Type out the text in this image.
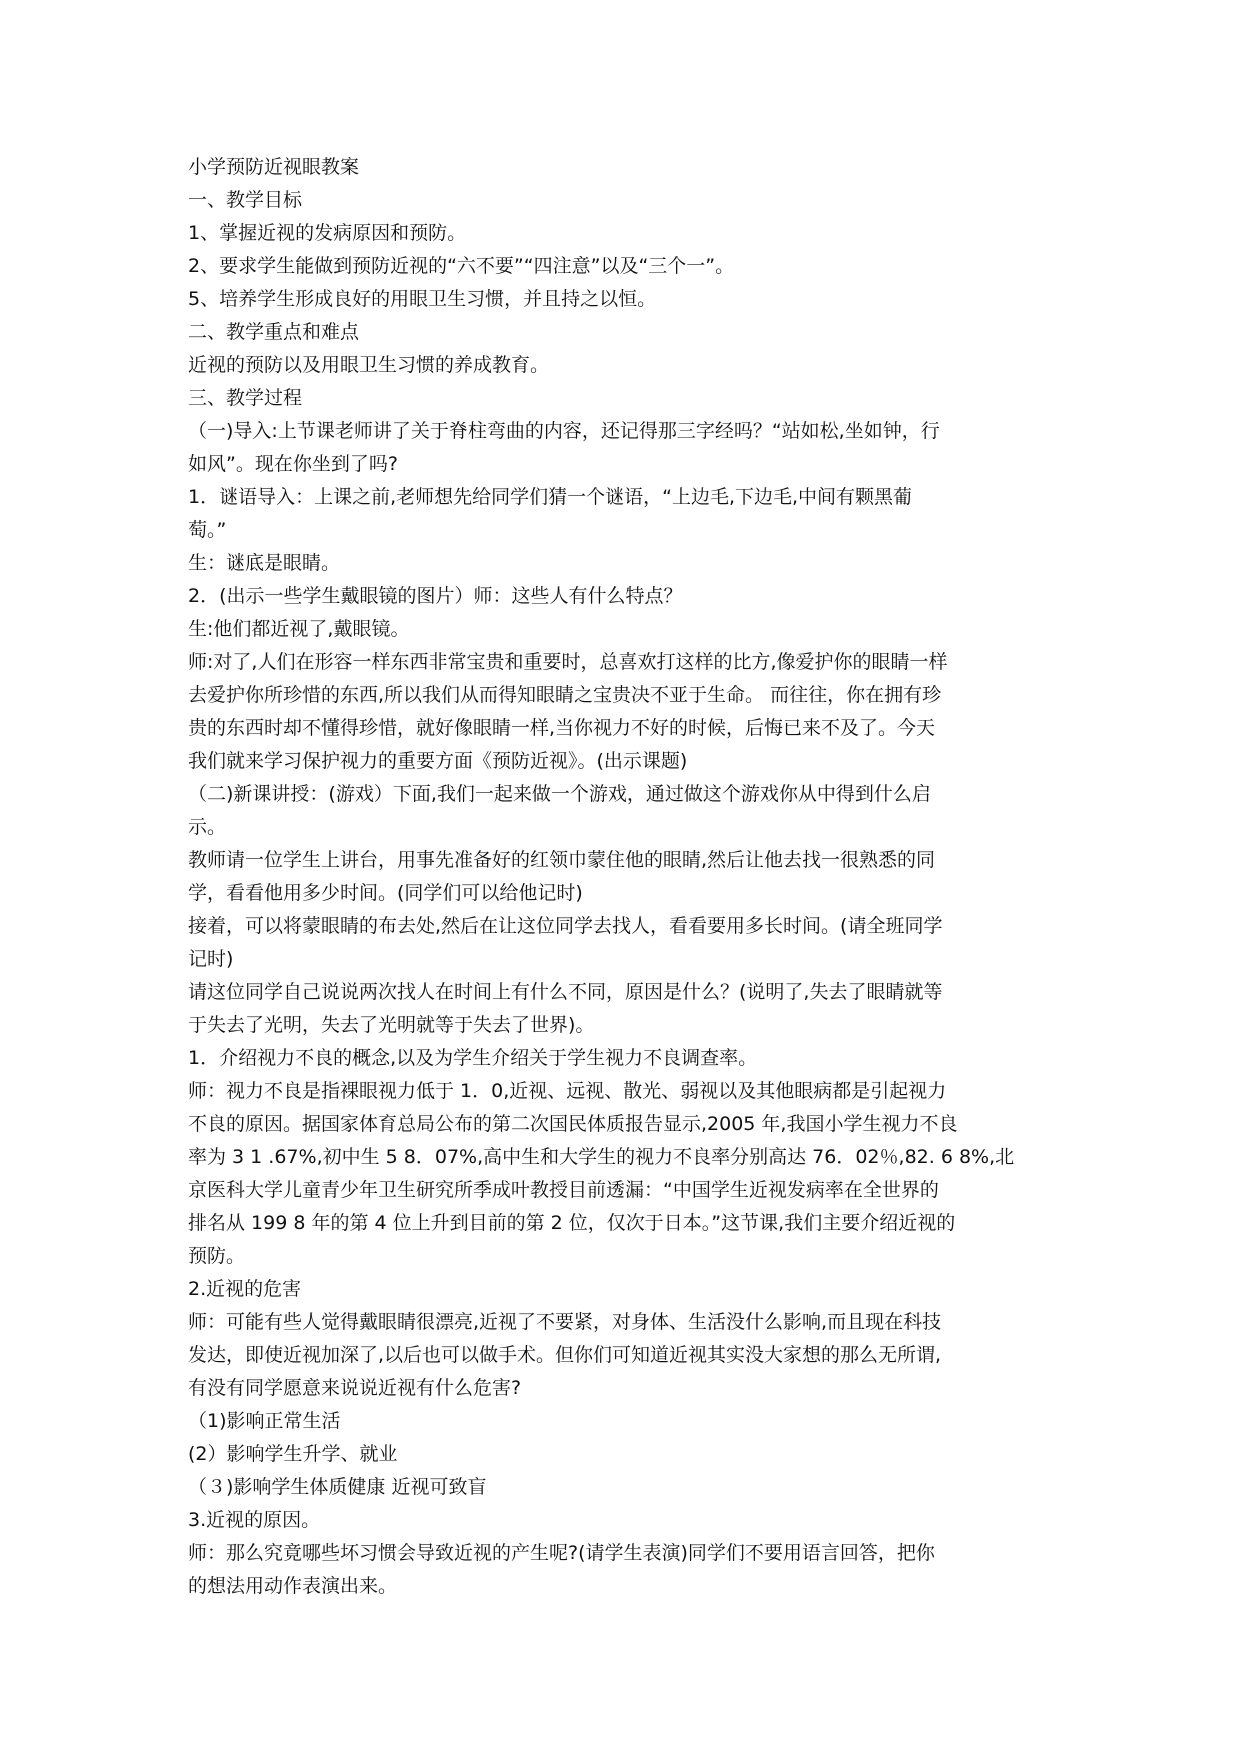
小学预防近视眼教案
一、教学目标
1、掌握近视的发病原因和预防。
2、要求学生能做到预防近视的“六不要”“四注意”以及“三个一”。
5、培养学生形成良好的用眼卫生习惯，并且持之以恒。
二、教学重点和难点
近视的预防以及用眼卫生习惯的养成教育。
三、教学过程
（一)导入:上节课老师讲了关于脊柱弯曲的内容，还记得那三字经吗？“站如松,坐如钟，行
如风”。现在你坐到了吗?
1．谜语导入：上课之前,老师想先给同学们猜一个谜语，“上边毛,下边毛,中间有颗黑葡
萄。”
生：谜底是眼睛。
2．(出示一些学生戴眼镜的图片）师：这些人有什么特点？
生:他们都近视了,戴眼镜。
师:对了,人们在形容一样东西非常宝贵和重要时，总喜欢打这样的比方,像爱护你的眼睛一样
去爱护你所珍惜的东西,所以我们从而得知眼睛之宝贵决不亚于生命。 而往往，你在拥有珍
贵的东西时却不懂得珍惜，就好像眼睛一样,当你视力不好的时候，后悔已来不及了。今天
我们就来学习保护视力的重要方面《预防近视》。(出示课题)
（二)新课讲授：(游戏）下面,我们一起来做一个游戏，通过做这个游戏你从中得到什么启
示。
教师请一位学生上讲台，用事先准备好的红领巾蒙住他的眼睛,然后让他去找一很熟悉的同
学，看看他用多少时间。(同学们可以给他记时)
接着，可以将蒙眼睛的布去处,然后在让这位同学去找人，看看要用多长时间。(请全班同学
记时)
请这位同学自己说说两次找人在时间上有什么不同，原因是什么？(说明了,失去了眼睛就等
于失去了光明，失去了光明就等于失去了世界)。
1．介绍视力不良的概念,以及为学生介绍关于学生视力不良调查率。
师：视力不良是指裸眼视力低于 1．0,近视、远视、散光、弱视以及其他眼病都是引起视力
不良的原因。据国家体育总局公布的第二次国民体质报告显示,2005 年,我国小学生视力不良
率为 3 1 .67%,初中生 5 8．07%,高中生和大学生的视力不良率分别高达 76．02％,82. 6 8%,北
京医科大学儿童青少年卫生研究所季成叶教授目前透漏：“中国学生近视发病率在全世界的
排名从 199 8 年的第 4 位上升到目前的第 2 位，仅次于日本。”这节课,我们主要介绍近视的
预防。
2.近视的危害
师：可能有些人觉得戴眼睛很漂亮,近视了不要紧，对身体、生活没什么影响,而且现在科技
发达，即使近视加深了,以后也可以做手术。但你们可知道近视其实没大家想的那么无所谓,
有没有同学愿意来说说近视有什么危害?
（1)影响正常生活
(2）影响学生升学、就业
（３)影响学生体质健康 近视可致盲
3.近视的原因。
师：那么究竟哪些坏习惯会导致近视的产生呢?(请学生表演)同学们不要用语言回答，把你
的想法用动作表演出来。
